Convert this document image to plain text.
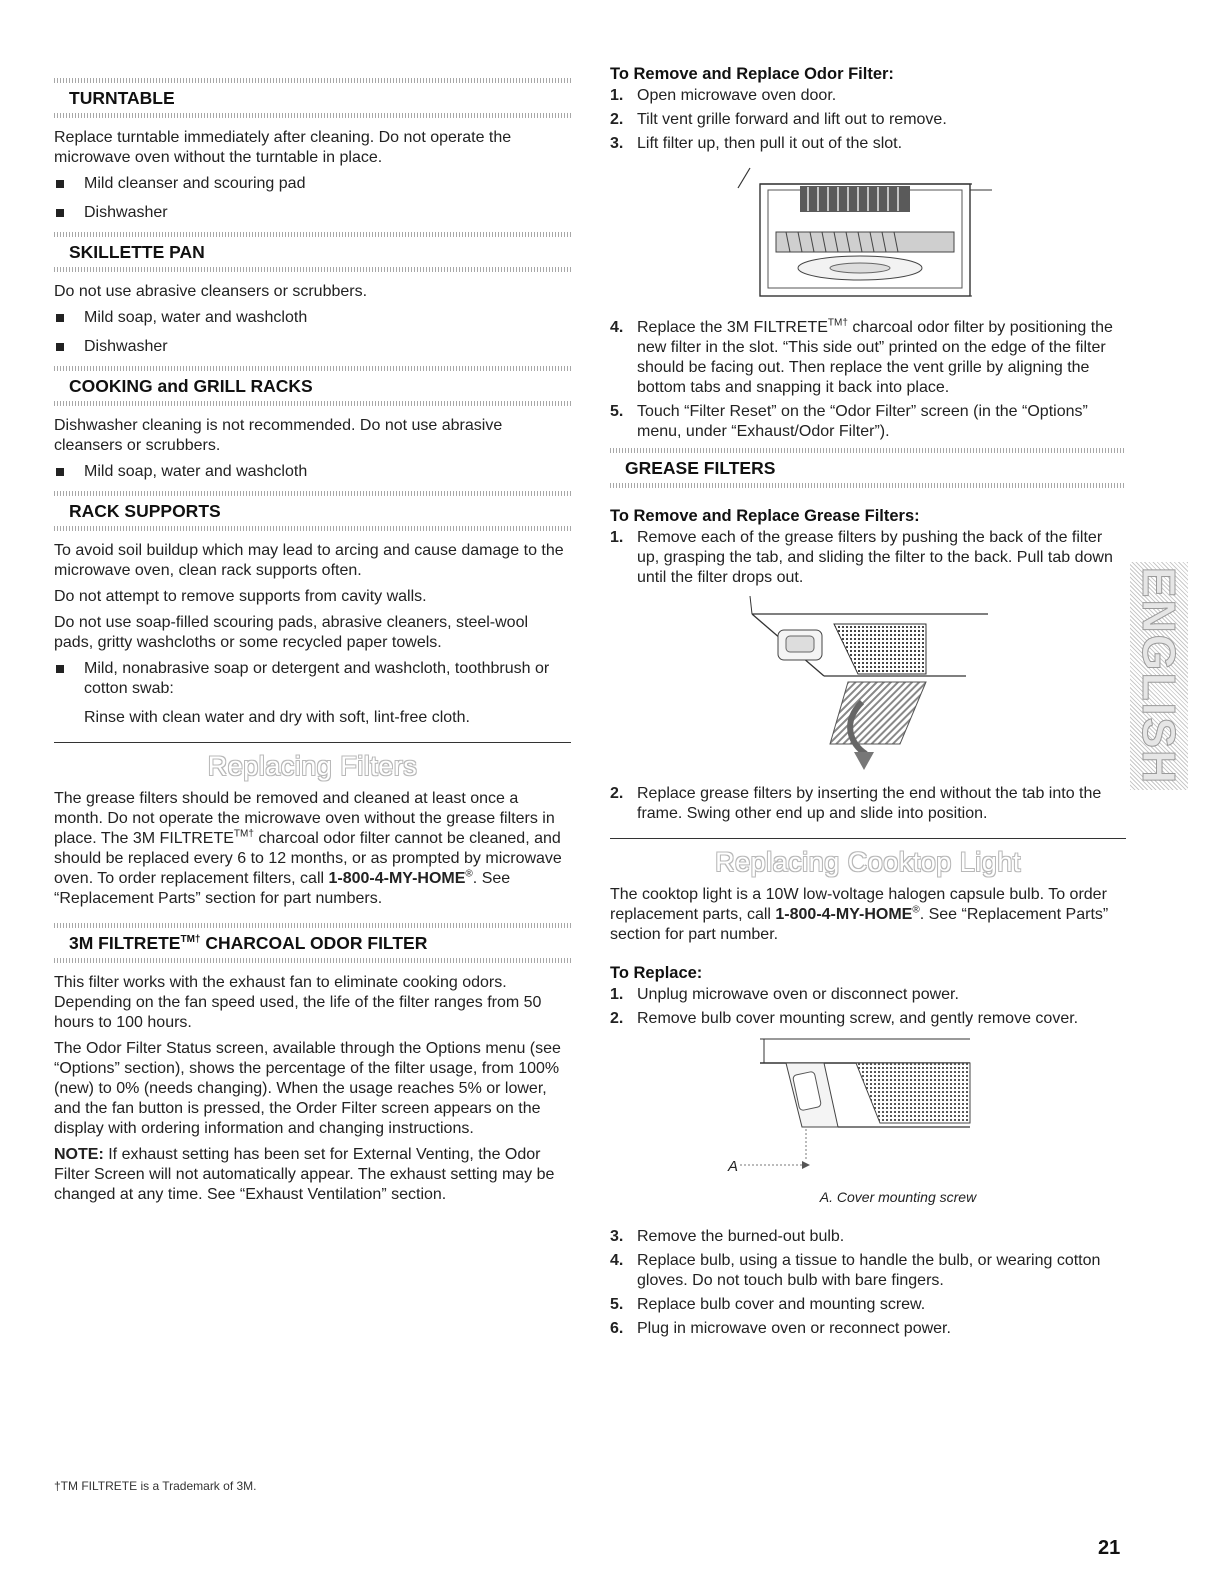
TURNTABLE

Replace turntable immediately after cleaning. Do not operate the microwave oven without the turntable in place.

Mild cleanser and scouring pad
Dishwasher
SKILLETTE PAN

Do not use abrasive cleansers or scrubbers.

Mild soap, water and washcloth
Dishwasher
COOKING and GRILL RACKS

Dishwasher cleaning is not recommended. Do not use abrasive cleansers or scrubbers.

Mild soap, water and washcloth
RACK SUPPORTS

To avoid soil buildup which may lead to arcing and cause damage to the microwave oven, clean rack supports often.

Do not attempt to remove supports from cavity walls.

Do not use soap-filled scouring pads, abrasive cleaners, steel-wool pads, gritty washcloths or some recycled paper towels.

Mild, nonabrasive soap or detergent and washcloth, toothbrush or cotton swab:

Rinse with clean water and dry with soft, lint-free cloth.

Replacing Filters

The grease filters should be removed and cleaned at least once a month. Do not operate the microwave oven without the grease filters in place. The 3M $FILTRETE^{TM\dagger}$ charcoal odor filter cannot be cleaned, and should be replaced every 6 to 12 months, or as prompted by microwave oven. To order replacement filters, call 1-800-4-MY-HOME®. See “Replacement Parts” section for part numbers.

3M $FILTRETE^{TM\dagger}$ CHARCOAL ODOR FILTER

This filter works with the exhaust fan to eliminate cooking odors. Depending on the fan speed used, the life of the filter ranges from 50 hours to 100 hours.

The Odor Filter Status screen, available through the Options menu (see “Options” section), shows the percentage of the filter usage, from 100% (new) to 0% (needs changing). When the usage reaches 5% or lower, and the fan button is pressed, the Order Filter screen appears on the display with ordering information and changing instructions.

NOTE: If exhaust setting has been set for External Venting, the Odor Filter Screen will not automatically appear. The exhaust setting may be changed at any time. See “Exhaust Ventilation” section.

To Remove and Replace Odor Filter:
1. Open microwave oven door.
2. Tilt vent grille forward and lift out to remove.
3. Lift filter up, then pull it out of the slot.
4. Replace the 3M $FILTRETE^{TM\dagger}$ charcoal odor filter by positioning the new filter in the slot. “This side out” printed on the edge of the filter should be facing out. Then replace the vent grille by aligning the bottom tabs and snapping it back into place.
5. Touch “Filter Reset” on the “Odor Filter” screen (in the “Options” menu, under “Exhaust/Odor Filter”).
GREASE FILTERS
To Remove and Replace Grease Filters:
1. Remove each of the grease filters by pushing the back of the filter up, grasping the tab, and sliding the filter to the back. Pull tab down until the filter drops out.
2. Replace grease filters by inserting the end without the tab into the frame. Swing other end up and slide into position.
Replacing Cooktop Light

The cooktop light is a 10W low-voltage halogen capsule bulb. To order replacement parts, call 1-800-4-MY-HOME®. See “Replacement Parts” section for part number.

To Replace:
1. Unplug microwave oven or disconnect power.
2. Remove bulb cover mounting screw, and gently remove cover.
A
A. Cover mounting screw
3. Remove the burned-out bulb.
4. Replace bulb, using a tissue to handle the bulb, or wearing cotton gloves. Do not touch bulb with bare fingers.
5. Replace bulb cover and mounting screw.
6. Plug in microwave oven or reconnect power.
ENGLISH
†TM FILTRETE is a Trademark of 3M.
21
